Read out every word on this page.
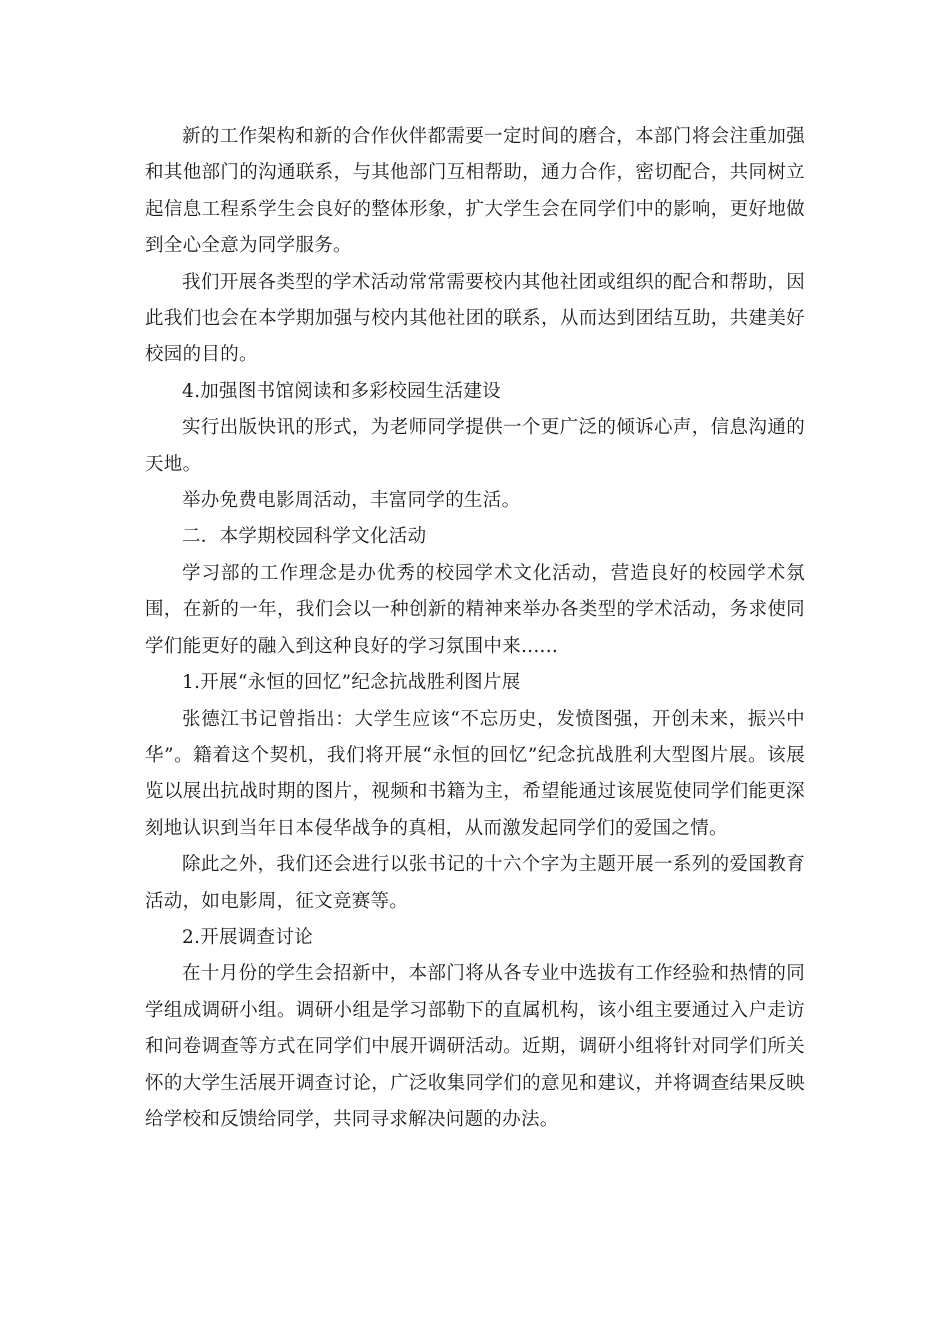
新的工作架构和新的合作伙伴都需要一定时间的磨合，本部门将会注重加强和其他部门的沟通联系，与其他部门互相帮助，通力合作，密切配合，共同树立起信息工程系学生会良好的整体形象，扩大学生会在同学们中的影响，更好地做到全心全意为同学服务。

我们开展各类型的学术活动常常需要校内其他社团或组织的配合和帮助，因此我们也会在本学期加强与校内其他社团的联系，从而达到团结互助，共建美好校园的目的。

4.加强图书馆阅读和多彩校园生活建设

实行出版快讯的形式，为老师同学提供一个更广泛的倾诉心声，信息沟通的天地。

举办免费电影周活动，丰富同学的生活。

二．本学期校园科学文化活动

学习部的工作理念是办优秀的校园学术文化活动，营造良好的校园学术氛围，在新的一年，我们会以一种创新的精神来举办各类型的学术活动，务求使同学们能更好的融入到这种良好的学习氛围中来......

1.开展“永恒的回忆”纪念抗战胜利图片展

张德江书记曾指出：大学生应该“不忘历史，发愤图强，开创未来，振兴中华”。籍着这个契机，我们将开展“永恒的回忆”纪念抗战胜利大型图片展。该展览以展出抗战时期的图片，视频和书籍为主，希望能通过该展览使同学们能更深刻地认识到当年日本侵华战争的真相，从而激发起同学们的爱国之情。

除此之外，我们还会进行以张书记的十六个字为主题开展一系列的爱国教育活动，如电影周，征文竞赛等。

2.开展调查讨论

在十月份的学生会招新中，本部门将从各专业中选拔有工作经验和热情的同学组成调研小组。调研小组是学习部勒下的直属机构，该小组主要通过入户走访和问卷调查等方式在同学们中展开调研活动。近期，调研小组将针对同学们所关怀的大学生活展开调查讨论，广泛收集同学们的意见和建议，并将调查结果反映给学校和反馈给同学，共同寻求解决问题的办法。
